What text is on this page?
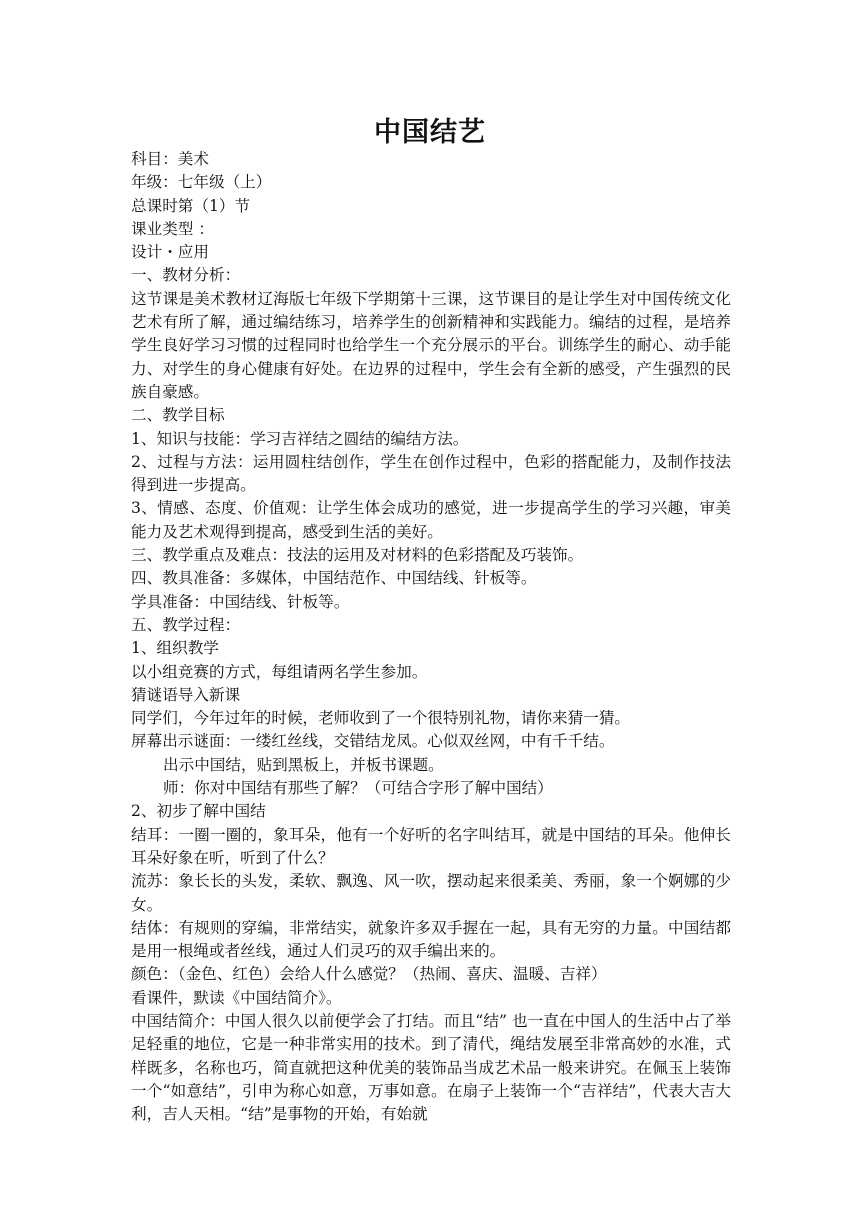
中国结艺

科目：美术

年级：七年级（上）

总课时第（1）节

课业类型 ：

设计・应用

一、教材分析：

这节课是美术教材辽海版七年级下学期第十三课，这节课目的是让学生对中国传统文化艺术有所了解，通过编结练习，培养学生的创新精神和实践能力。编结的过程，是培养学生良好学习习惯的过程同时也给学生一个充分展示的平台。训练学生的耐心、动手能力、对学生的身心健康有好处。在边界的过程中，学生会有全新的感受，产生强烈的民族自豪感。

二、教学目标

1、知识与技能：学习吉祥结之圆结的编结方法。

2、过程与方法：运用圆柱结创作，学生在创作过程中，色彩的搭配能力，及制作技法得到进一步提高。

3、情感、态度、价值观：让学生体会成功的感觉，进一步提高学生的学习兴趣，审美能力及艺术观得到提高，感受到生活的美好。

三、教学重点及难点：技法的运用及对材料的色彩搭配及巧装饰。

四、教具准备：多媒体，中国结范作、中国结线、针板等。

学具准备：中国结线、针板等。

五、教学过程：

1、组织教学

以小组竞赛的方式，每组请两名学生参加。

猜谜语导入新课

同学们，今年过年的时候，老师收到了一个很特别礼物，请你来猜一猜。

屏幕出示谜面：一缕红丝线，交错结龙凤。心似双丝网，中有千千结。

出示中国结，贴到黑板上，并板书课题。

师：你对中国结有那些了解？（可结合字形了解中国结）

2、初步了解中国结

结耳：一圈一圈的，象耳朵，他有一个好听的名字叫结耳，就是中国结的耳朵。他伸长耳朵好象在听，听到了什么？

流苏：象长长的头发，柔软、飘逸、风一吹，摆动起来很柔美、秀丽，象一个婀娜的少女。

结体：有规则的穿编，非常结实，就象许多双手握在一起，具有无穷的力量。中国结都是用一根绳或者丝线，通过人们灵巧的双手编出来的。

颜色：（金色、红色）会给人什么感觉？（热闹、喜庆、温暖、吉祥）

看课件，默读《中国结简介》。

中国结简介：中国人很久以前便学会了打结。而且“结” 也一直在中国人的生活中占了举足轻重的地位，它是一种非常实用的技术。到了清代，绳结发展至非常高妙的水准，式样既多，名称也巧，简直就把这种优美的装饰品当成艺术品一般来讲究。在佩玉上装饰一个“如意结”，引申为称心如意，万事如意。在扇子上装饰一个“吉祥结”，代表大吉大利，吉人天相。“结”是事物的开始，有始就
